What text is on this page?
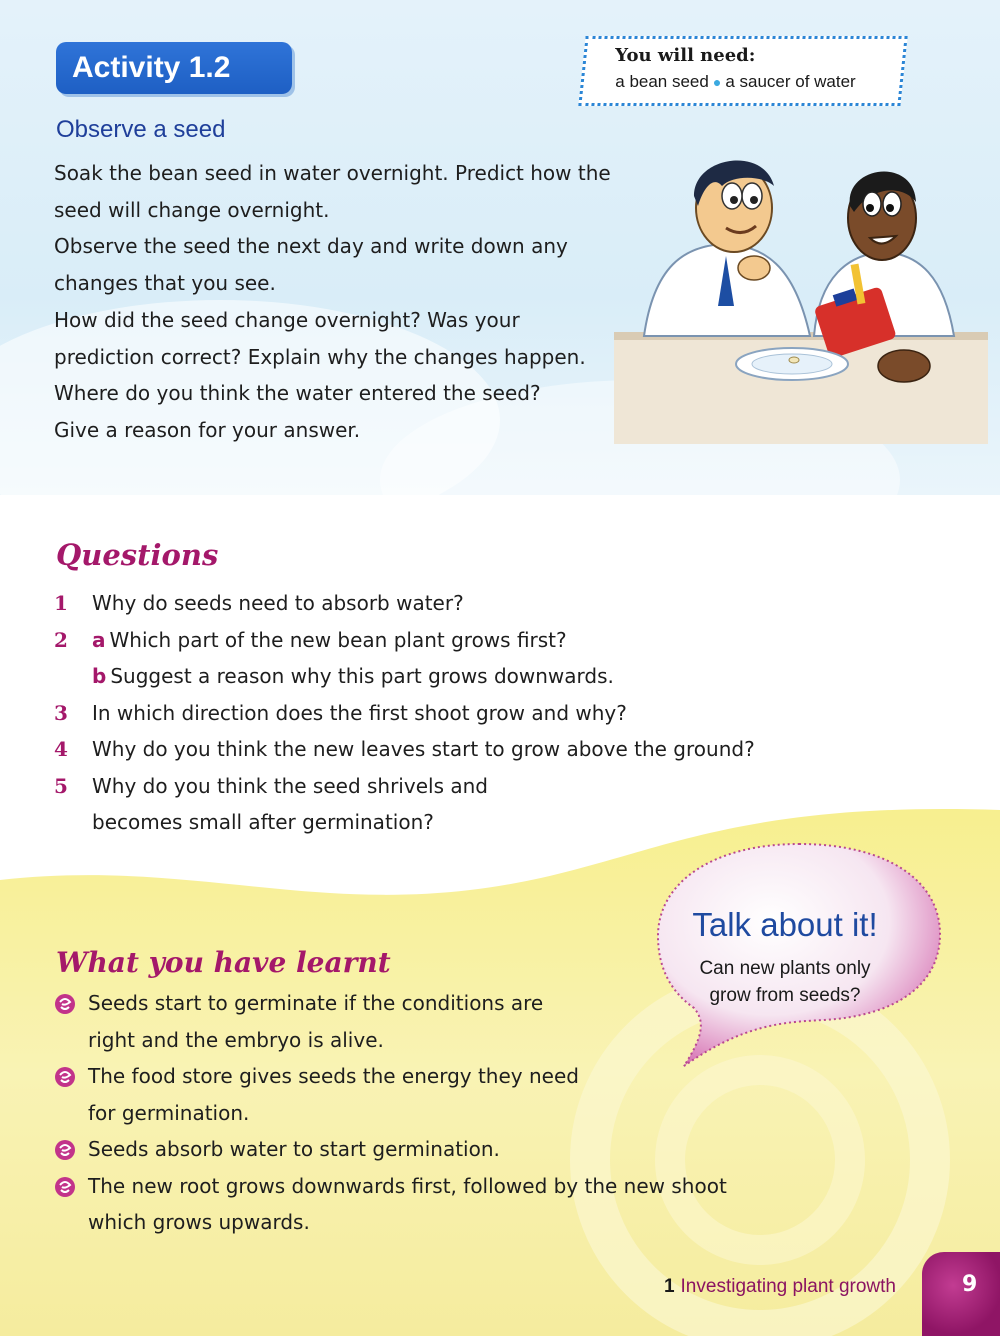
Activity 1.2	You will need:
a bean seed ● a saucer of water
Observe a seed

Soak the bean seed in water overnight. Predict how the

seed will change overnight.

Observe the seed the next day and write down any

changes that you see.

How did the seed change overnight? Was your

prediction correct? Explain why the changes happen.

Where do you think the water entered the seed?

Give a reason for your answer.

Questions
1 Why do seeds need to absorb water?
2 a Which part of the new bean plant grows first?
b Suggest a reason why this part grows downwards.
3 In which direction does the first shoot grow and why?
4 Why do you think the new leaves start to grow above the ground?
5 Why do you think the seed shrivels and
becomes small after germination?
What you have learnt
Seeds start to germinate if the conditions are
right and the embryo is alive.
The food store gives seeds the energy they need
for germination.
Seeds absorb water to start germination.
The new root grows downwards first, followed by the new shoot
which grows upwards.
Talk about it!
Can new plants only
grow from seeds?
1 Investigating plant growth	9
